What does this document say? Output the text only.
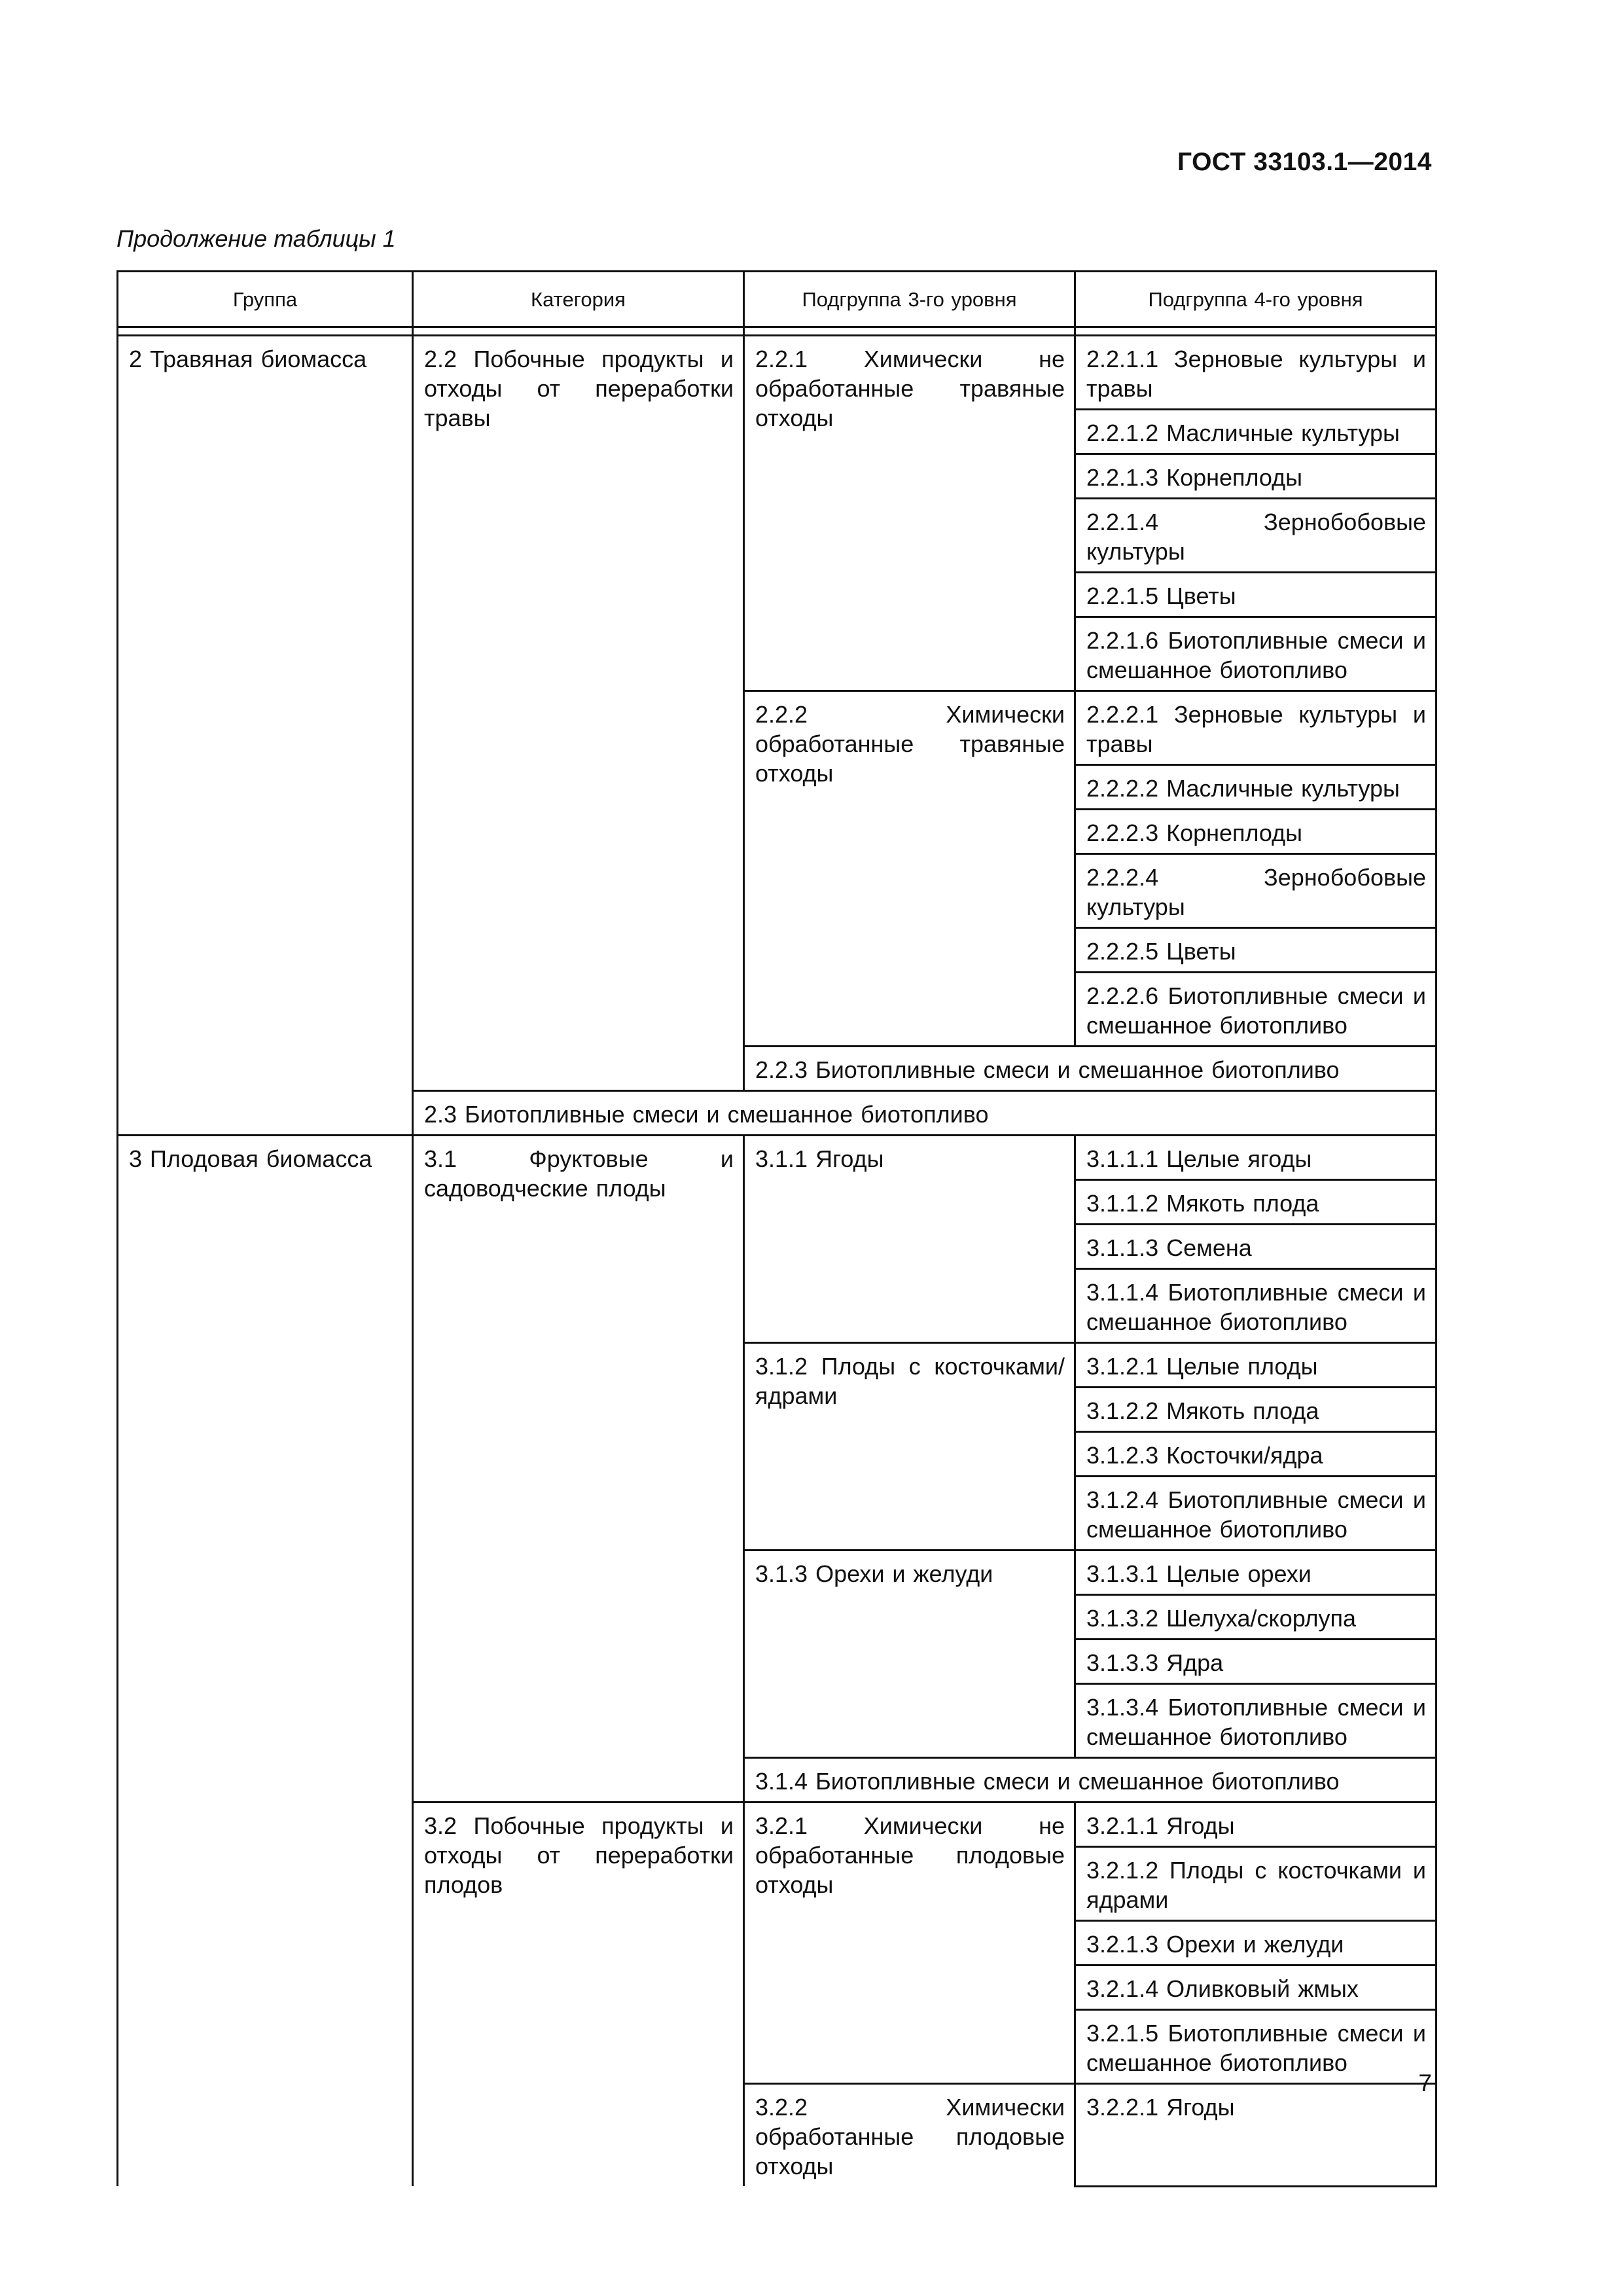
ГОСТ 33103.1—2014
Продолжение таблицы 1
Группа	Категория	Подгруппа 3-го уровня	Подгруппа 4-го уровня

2 Травяная биомасса	2.2 Побочные продукты и отходы от переработки травы	2.2.1 Химически не обработанные травяные отходы	2.2.1.1 Зерновые культуры и травы
			2.2.1.2 Масличные культуры
			2.2.1.3 Корнеплоды
			2.2.1.4 Зернобобовые культуры
			2.2.1.5 Цветы
			2.2.1.6 Биотопливные смеси и смешанное биотопливо
		2.2.2 Химически обработанные травяные отходы	2.2.2.1 Зерновые культуры и травы
			2.2.2.2 Масличные культуры
			2.2.2.3 Корнеплоды
			2.2.2.4 Зернобобовые культуры
			2.2.2.5 Цветы
			2.2.2.6 Биотопливные смеси и смешанное биотопливо

		2.2.3 Биотопливные смеси и смешанное биотопливо	
	2.3 Биотопливные смеси и смешанное биотопливо		
3 Плодовая биомасса	3.1 Фруктовые и садоводческие плоды	3.1.1 Ягоды	3.1.1.1 Целые ягоды
			3.1.1.2 Мякоть плода
			3.1.1.3 Семена
			3.1.1.4 Биотопливные смеси и смешанное биотопливо
		3.1.2 Плоды с косточками/ядрами	3.1.2.1 Целые плоды
			3.1.2.2 Мякоть плода
			3.1.2.3 Косточки/ядра
			3.1.2.4 Биотопливные смеси и смешанное биотопливо
		3.1.3 Орехи и желуди	3.1.3.1 Целые орехи
			3.1.3.2 Шелуха/скорлупа
			3.1.3.3 Ядра
			3.1.3.4 Биотопливные смеси и смешанное биотопливо
		3.1.4 Биотопливные смеси и смешанное биотопливо	

	3.2 Побочные продукты и отходы от переработки плодов	3.2.1 Химически не обработанные плодовые отходы	3.2.1.1 Ягоды
			3.2.1.2 Плоды с косточками и ядрами
			3.2.1.3 Орехи и желуди
			3.2.1.4 Оливковый жмых
			3.2.1.5 Биотопливные смеси и смешанное биотопливо
		3.2.2 Химически обработанные плодовые отходы	3.2.2.1 Ягоды
7
